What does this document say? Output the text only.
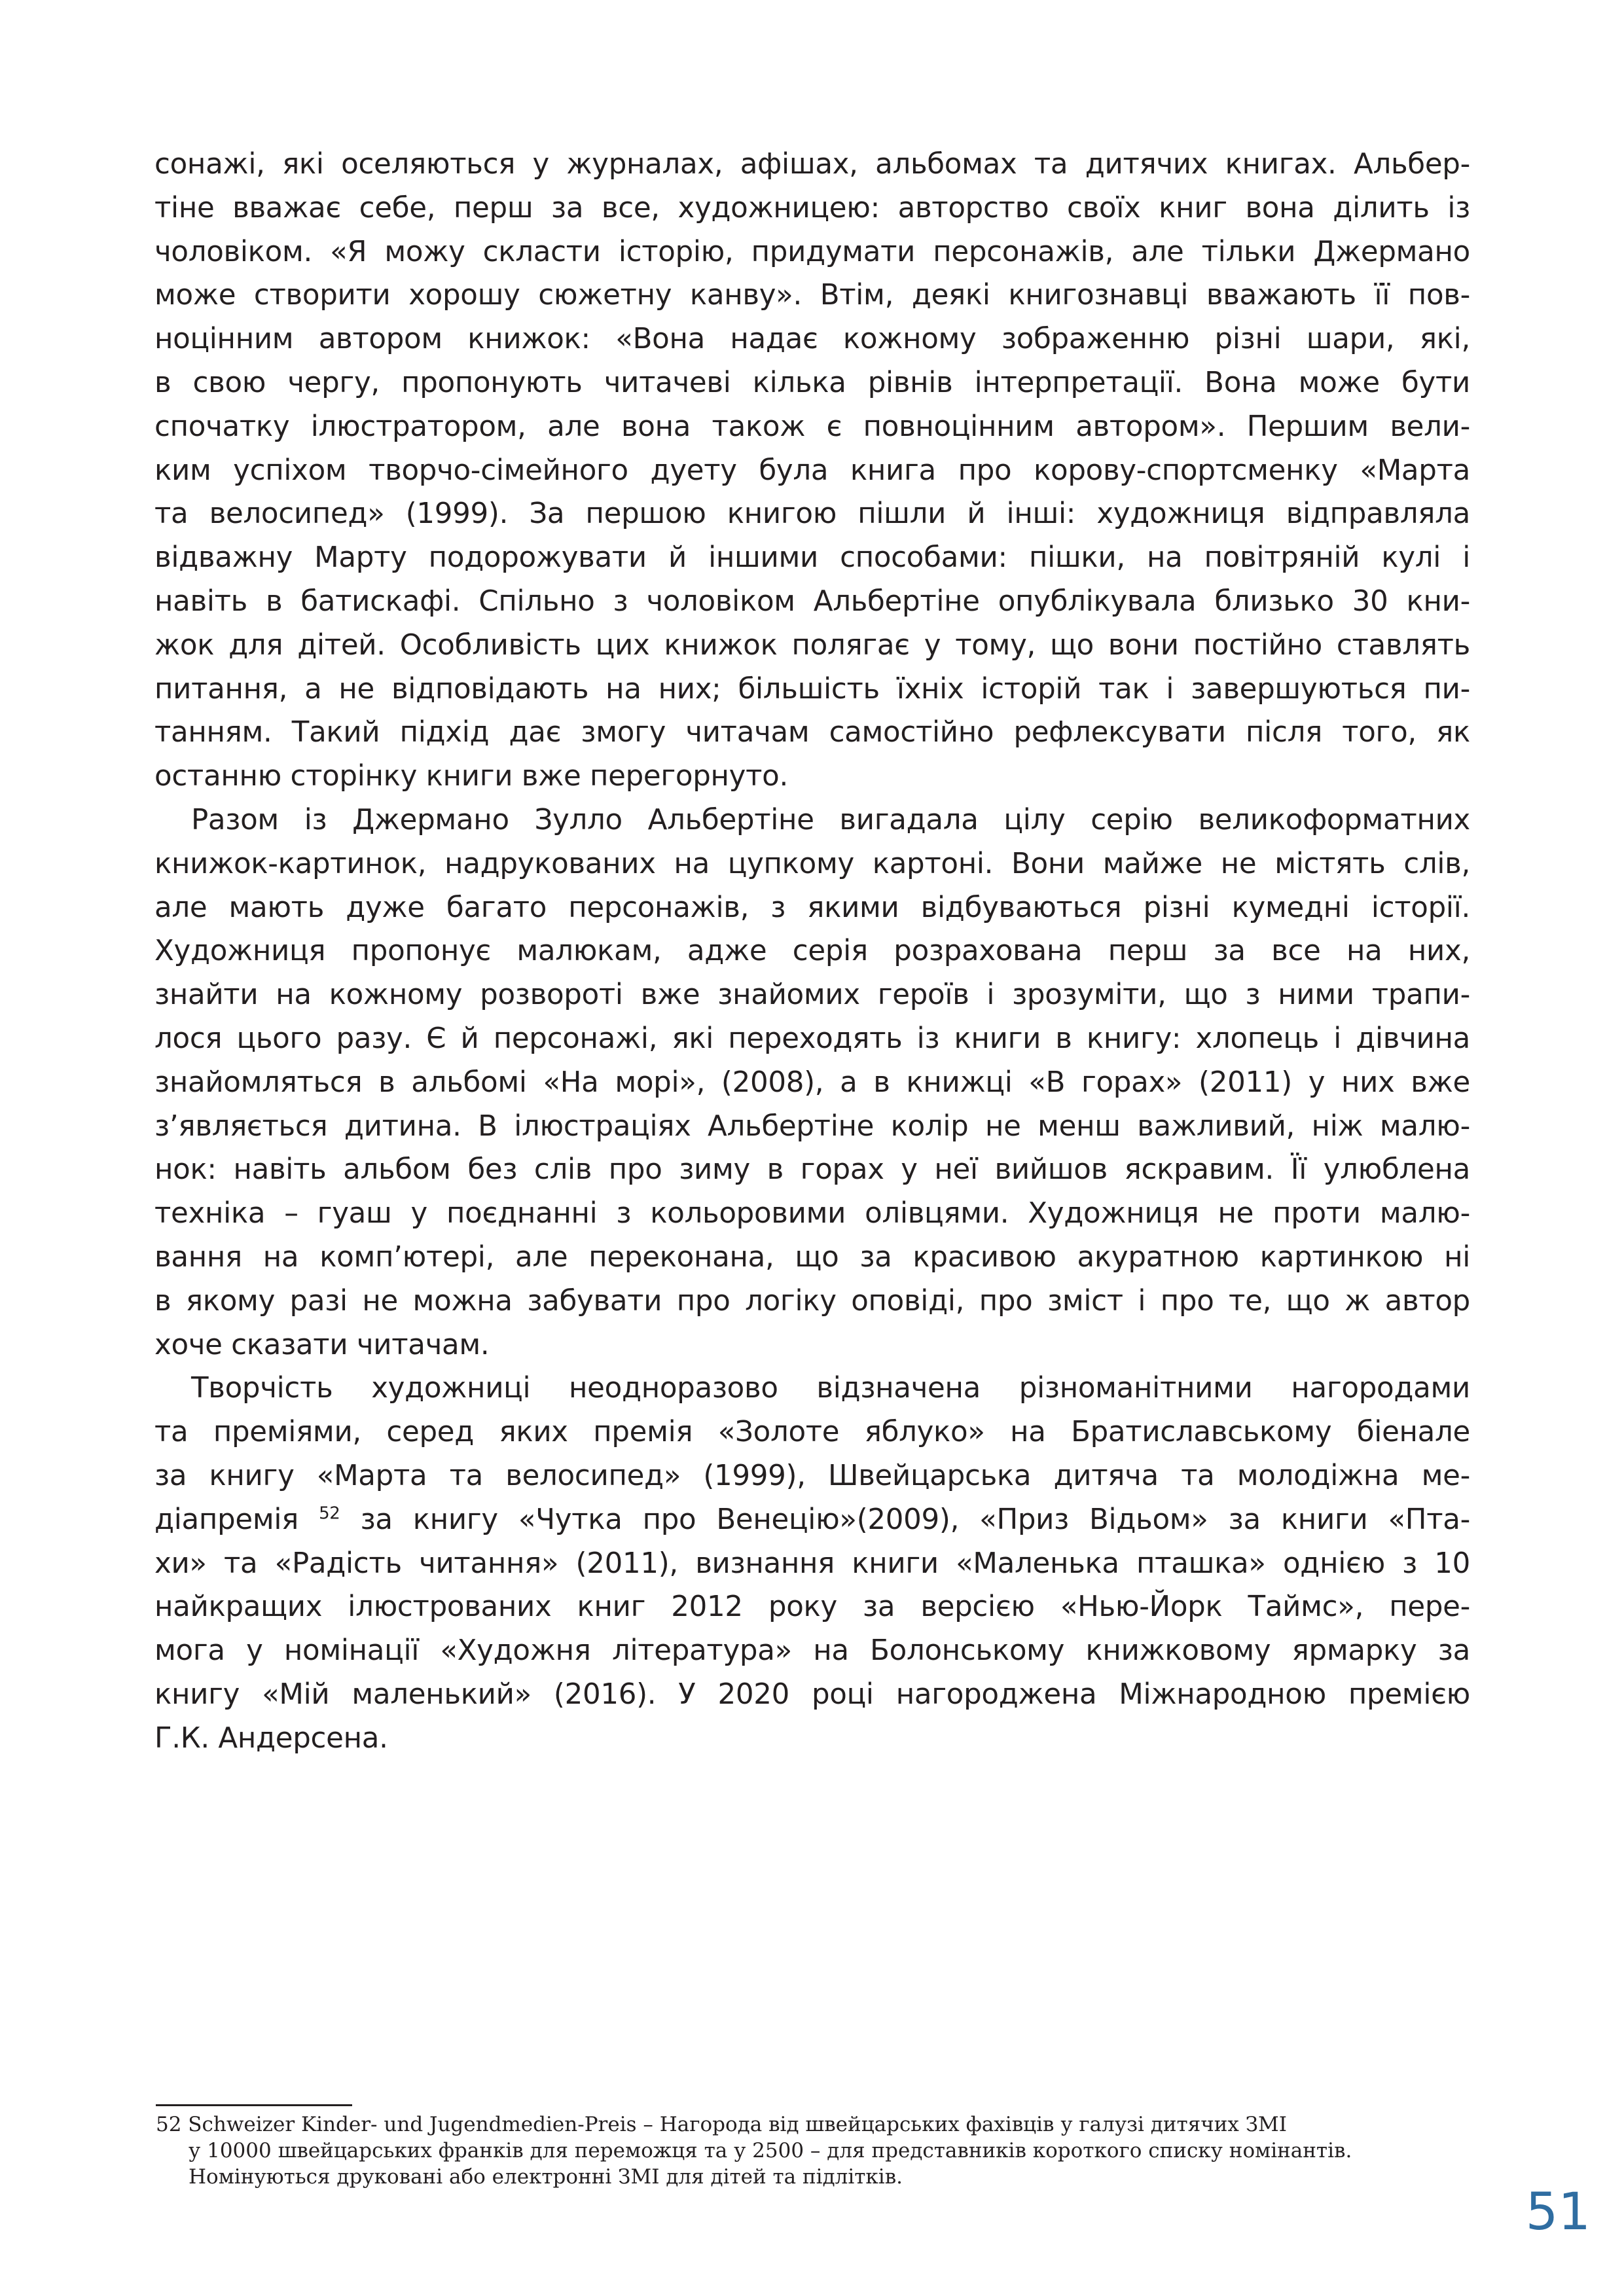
сонажі, які оселяються у журналах, афішах, альбомах та дитячих книгах. Альбер-
тіне вважає себе, перш за все, художницею: авторство своїх книг вона ділить із
чоловіком. «Я можу скласти історію, придумати персонажів, але тільки Джермано
може створити хорошу сюжетну канву». Втім, деякі книгознавці вважають її пов-
ноцінним автором книжок: «Вона надає кожному зображенню різні шари, які,
в свою чергу, пропонують читачеві кілька рівнів інтерпретації. Вона може бути
спочатку ілюстратором, але вона також є повноцінним автором». Першим вели-
ким успіхом творчо-сімейного дуету була книга про корову-спортсменку «Марта
та велосипед» (1999). За першою книгою пішли й інші: художниця відправляла
відважну Марту подорожувати й іншими способами: пішки, на повітряній кулі і
навіть в батискафі. Спільно з чоловіком Альбертіне опублікувала близько 30 кни-
жок для дітей. Особливість цих книжок полягає у тому, що вони постійно ставлять
питання, а не відповідають на них; більшість їхніх історій так і завершуються пи-
танням. Такий підхід дає змогу читачам самостійно рефлексувати після того, як
останню сторінку книги вже перегорнуто.

Разом із Джермано Зулло Альбертіне вигадала цілу серію великоформатних
книжок-картинок, надрукованих на цупкому картоні. Вони майже не містять слів,
але мають дуже багато персонажів, з якими відбуваються різні кумедні історії.
Художниця пропонує малюкам, адже серія розрахована перш за все на них,
знайти на кожному розвороті вже знайомих героїв і зрозуміти, що з ними трапи-
лося цього разу. Є й персонажі, які переходять із книги в книгу: хлопець і дівчина
знайомляться в альбомі «На морі», (2008), а в книжці «В горах» (2011) у них вже
з’являється дитина. В ілюстраціях Альбертіне колір не менш важливий, ніж малю-
нок: навіть альбом без слів про зиму в горах у неї вийшов яскравим. Її улюблена
техніка – гуаш у поєднанні з кольоровими олівцями. Художниця не проти малю-
вання на комп’ютері, але переконана, що за красивою акуратною картинкою ні
в якому разі не можна забувати про логіку оповіді, про зміст і про те, що ж автор
хоче сказати читачам.

Творчість художниці неодноразово відзначена різноманітними нагородами
та преміями, серед яких премія «Золоте яблуко» на Братиславському біенале
за книгу «Марта та велосипед» (1999), Швейцарська дитяча та молодіжна ме-
діапремія $^{52}$ за книгу «Чутка про Венецію»(2009), «Приз Відьом» за книги «Пта-
хи» та «Радість читання» (2011), визнання книги «Маленька пташка» однією з 10
найкращих ілюстрованих книг 2012 року за версією «Нью-Йорк Таймс», пере-
мога у номінації «Художня література» на Болонському книжковому ярмарку за
книгу «Мій маленький» (2016). У 2020 році нагороджена Міжнародною премією
Г.К. Андерсена.

52 Schweizer Kinder- und Jugendmedien-Preis – Нагорода від швейцарських фахівців у галузі дитячих ЗМІ
у 10000 швейцарських франків для переможця та у 2500 – для представників короткого списку номінантів.
Номінуються друковані або електронні ЗМІ для дітей та підлітків.
51
